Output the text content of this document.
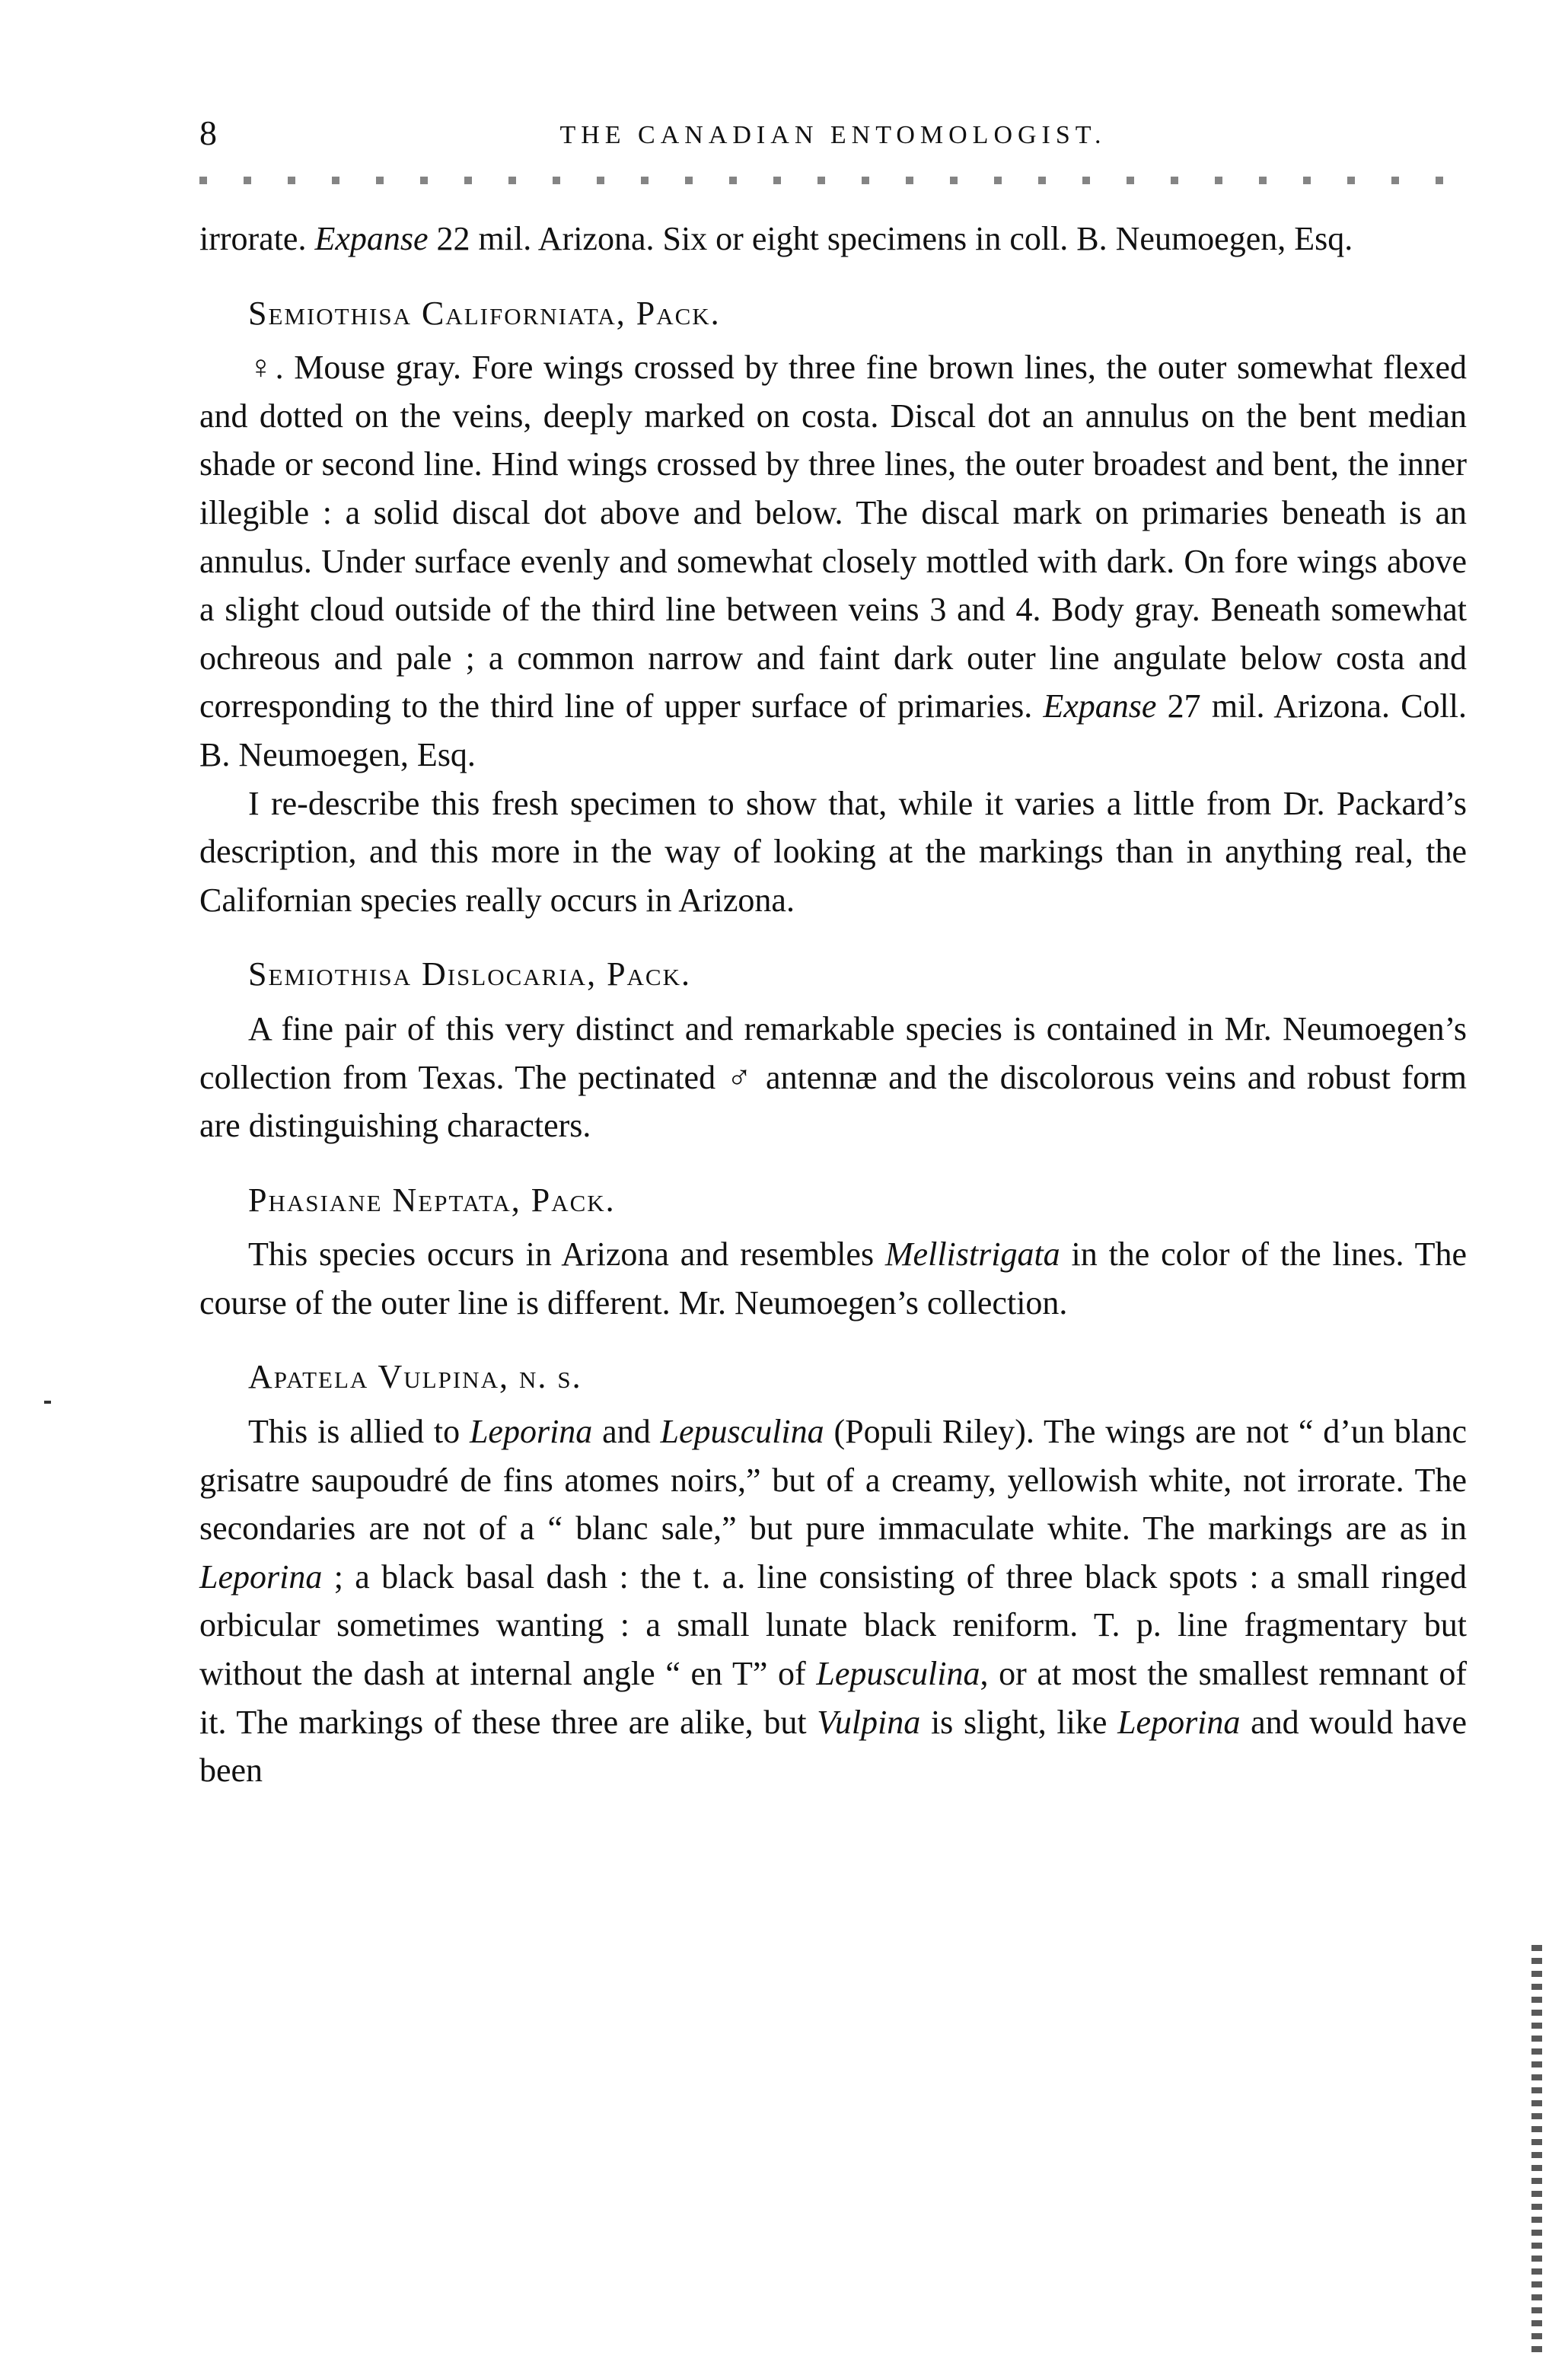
8	THE CANADIAN ENTOMOLOGIST.

irrorate. Expanse 22 mil. Arizona. Six or eight specimens in coll. B. Neumoegen, Esq.

Semiothisa Californiata, Pack.

♀. Mouse gray. Fore wings crossed by three fine brown lines, the outer somewhat flexed and dotted on the veins, deeply marked on costa. Discal dot an annulus on the bent median shade or second line. Hind wings crossed by three lines, the outer broadest and bent, the inner illegible : a solid discal dot above and below. The discal mark on primaries beneath is an annulus. Under surface evenly and somewhat closely mottled with dark. On fore wings above a slight cloud outside of the third line between veins 3 and 4. Body gray. Beneath somewhat ochreous and pale ; a common narrow and faint dark outer line angulate below costa and corresponding to the third line of upper surface of primaries. Expanse 27 mil. Arizona. Coll. B. Neumoegen, Esq.

I re-describe this fresh specimen to show that, while it varies a little from Dr. Packard’s description, and this more in the way of looking at the markings than in anything real, the Californian species really occurs in Arizona.

Semiothisa Dislocaria, Pack.

A fine pair of this very distinct and remarkable species is contained in Mr. Neumoegen’s collection from Texas. The pectinated ♂ antennæ and the discolorous veins and robust form are distinguishing characters.

Phasiane Neptata, Pack.

This species occurs in Arizona and resembles Mellistrigata in the color of the lines. The course of the outer line is different. Mr. Neumoegen’s collection.

Apatela Vulpina, n. s.

This is allied to Leporina and Lepusculina (Populi Riley). The wings are not “ d’un blanc grisatre saupoudré de fins atomes noirs,” but of a creamy, yellowish white, not irrorate. The secondaries are not of a “ blanc sale,” but pure immaculate white. The markings are as in Leporina ; a black basal dash : the t. a. line consisting of three black spots : a small ringed orbicular sometimes wanting : a small lunate black reniform. T. p. line fragmentary but without the dash at internal angle “ en T” of Lepusculina, or at most the smallest remnant of it. The markings of these three are alike, but Vulpina is slight, like Leporina and would have been
